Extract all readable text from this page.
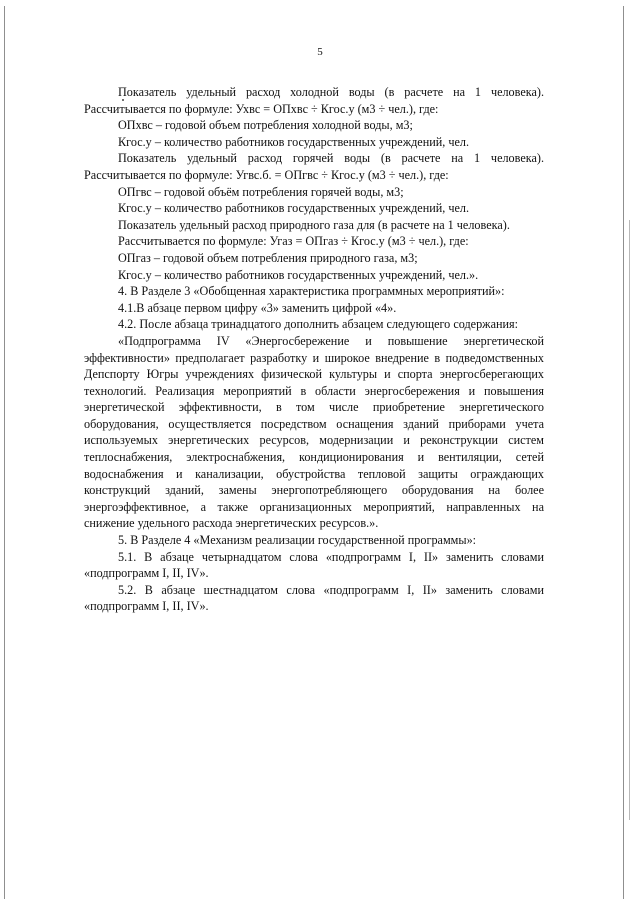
5

Показатель удельный расход холодной воды (в расчете на 1 человека). Рассчитывается по формуле: Ухвс = ОПхвс ÷ Кгос.у (м3 ÷ чел.), где:

ОПхвс – годовой объем потребления холодной воды, м3;

Кгос.у – количество работников государственных учреждений, чел.

Показатель удельный расход горячей воды (в расчете на 1 человека). Рассчитывается по формуле: Угвс.б. = ОПгвс ÷ Кгос.у (м3 ÷ чел.), где:

ОПгвс – годовой объём потребления горячей воды, м3;

Кгос.у – количество работников государственных учреждений, чел.

Показатель удельный расход природного газа для (в расчете на 1 человека).

Рассчитывается по формуле: Угаз = ОПгаз ÷ Кгос.у (м3 ÷ чел.), где:

ОПгаз – годовой объем потребления природного газа, м3;

Кгос.у – количество работников государственных учреждений, чел.».

4. В Разделе 3 «Обобщенная характеристика программных мероприятий»:

4.1.В абзаце первом цифру «3» заменить цифрой «4».

4.2. После абзаца тринадцатого дополнить абзацем следующего содержания:

«Подпрограмма IV «Энергосбережение и повышение энергетической эффективности» предполагает разработку и широкое внедрение в подведомственных Депспорту Югры учреждениях физической культуры и спорта энергосберегающих технологий. Реализация мероприятий в области энергосбережения и повышения энергетической эффективности, в том числе приобретение энергетического оборудования, осуществляется посредством оснащения зданий приборами учета используемых энергетических ресурсов, модернизации и реконструкции систем теплоснабжения, электроснабжения, кондиционирования и вентиляции, сетей водоснабжения и канализации, обустройства тепловой защиты ограждающих конструкций зданий, замены энергопотребляющего оборудования на более энергоэффективное, а также организационных мероприятий, направленных на снижение удельного расхода энергетических ресурсов.».

5. В Разделе 4 «Механизм реализации государственной программы»:

5.1. В абзаце четырнадцатом слова «подпрограмм I, II» заменить словами «подпрограмм I, II, IV».

5.2. В абзаце шестнадцатом слова «подпрограмм I, II» заменить словами «подпрограмм I, II, IV».
